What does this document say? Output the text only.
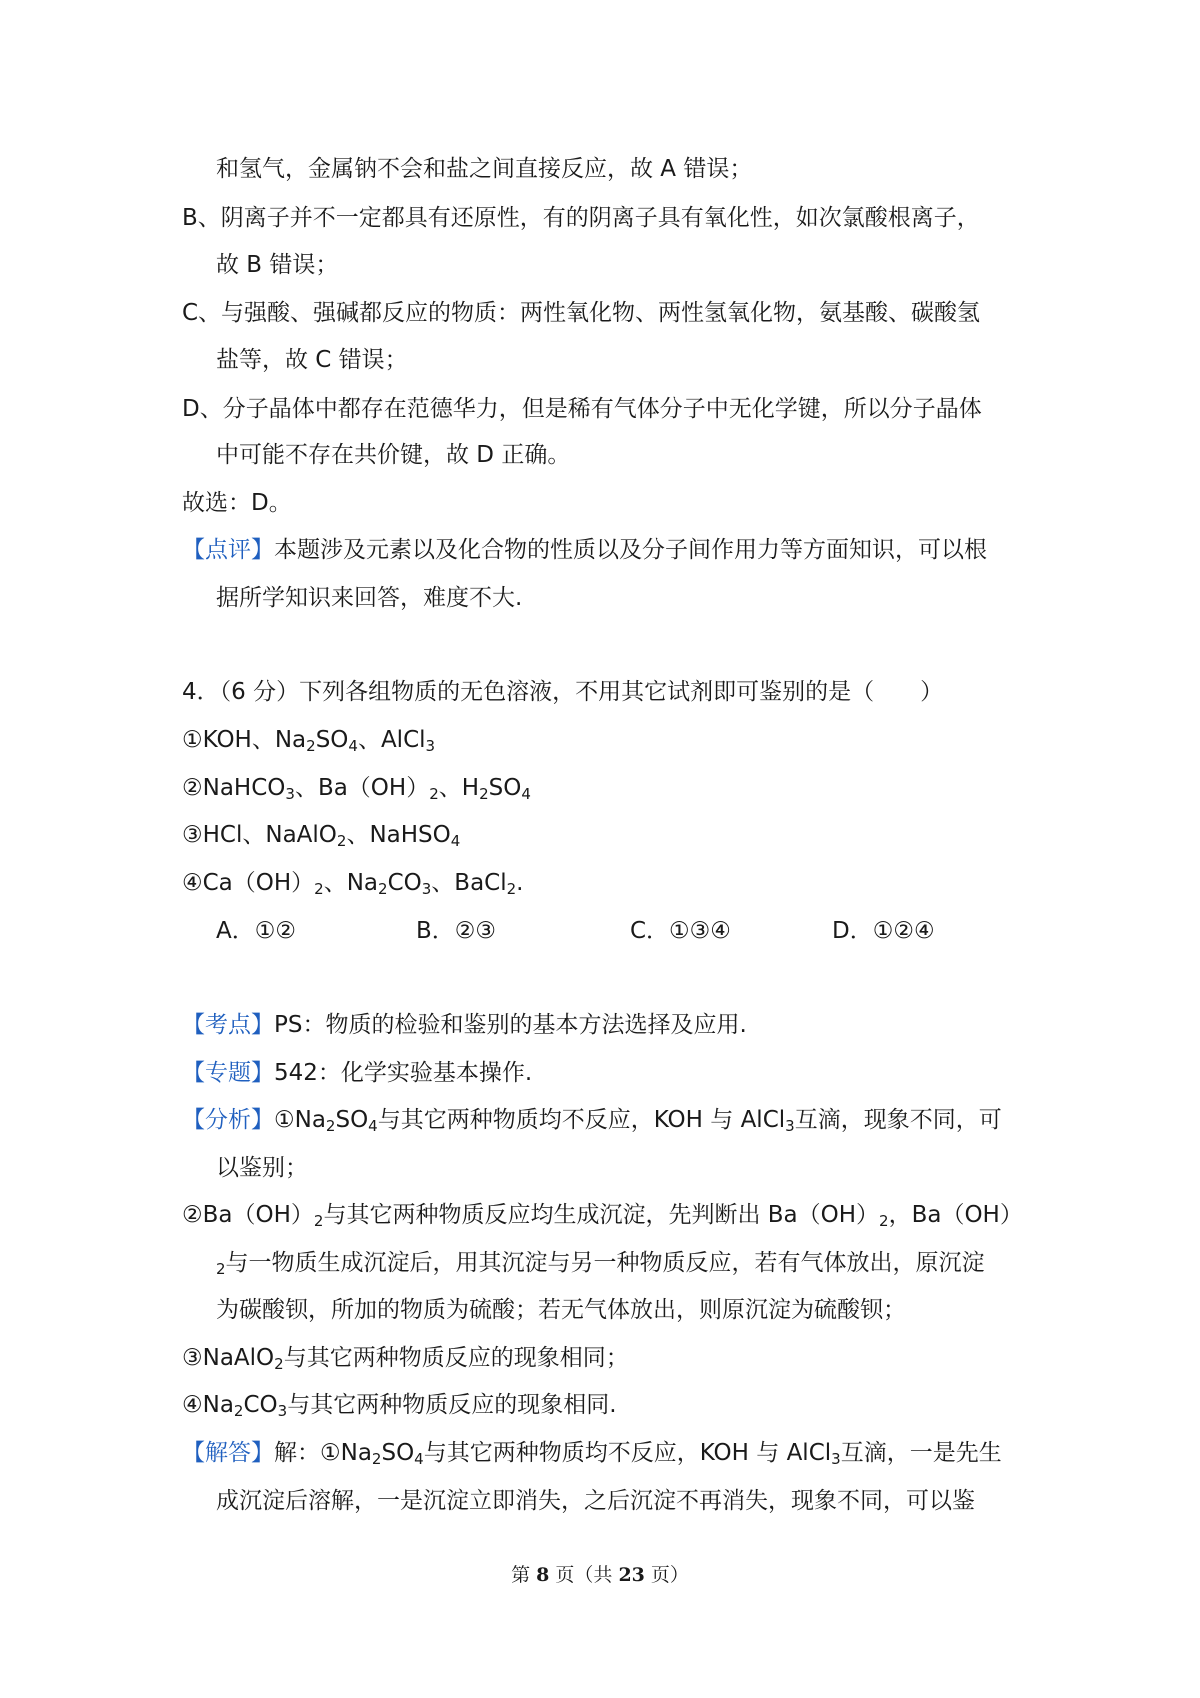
和氢气，金属钠不会和盐之间直接反应，故 A 错误；
B、阴离子并不一定都具有还原性，有的阴离子具有氧化性，如次氯酸根离子，
故 B 错误；
C、与强酸、强碱都反应的物质：两性氧化物、两性氢氧化物，氨基酸、碳酸氢
盐等，故 C 错误；
D、分子晶体中都存在范德华力，但是稀有气体分子中无化学键，所以分子晶体
中可能不存在共价键，故 D 正确。
故选：D。
【点评】本题涉及元素以及化合物的性质以及分子间作用力等方面知识，可以根
据所学知识来回答，难度不大.
4．（6 分）下列各组物质的无色溶液，不用其它试剂即可鉴别的是（　　）
①KOH、$Na_2SO_4$、AlCl$_3$
②NaHCO$_3$、$Ba(OH)_2$、$H_2SO_4$
③HCl、NaAlO$_2$、NaHSO$_4$
$④Ca(OH)_2$、$Na_2CO_3$、BaCl$_2$.
A．①②	B．②③	C．①③④	D．①②④
【考点】PS：物质的检验和鉴别的基本方法选择及应用.
【专题】542：化学实验基本操作.
【分析】$①Na_2SO_4$与其它两种物质均不反应，KOH 与 AlCl$_3$互滴，现象不同，可
以鉴别；
$②Ba(OH)_2$与其它两种物质反应均生成沉淀，先判断出 $Ba(OH)_2$，Ba（OH）
$_2$与一物质生成沉淀后，用其沉淀与另一种物质反应，若有气体放出，原沉淀
为碳酸钡，所加的物质为硫酸；若无气体放出，则原沉淀为硫酸钡；
③NaAlO$_2$与其它两种物质反应的现象相同；
$④Na_2CO_3$与其它两种物质反应的现象相同.
【解答】解：$①Na_2SO_4$与其它两种物质均不反应，KOH 与 AlCl$_3$互滴，一是先生
成沉淀后溶解，一是沉淀立即消失，之后沉淀不再消失，现象不同，可以鉴
第 8 页（共 23 页）
